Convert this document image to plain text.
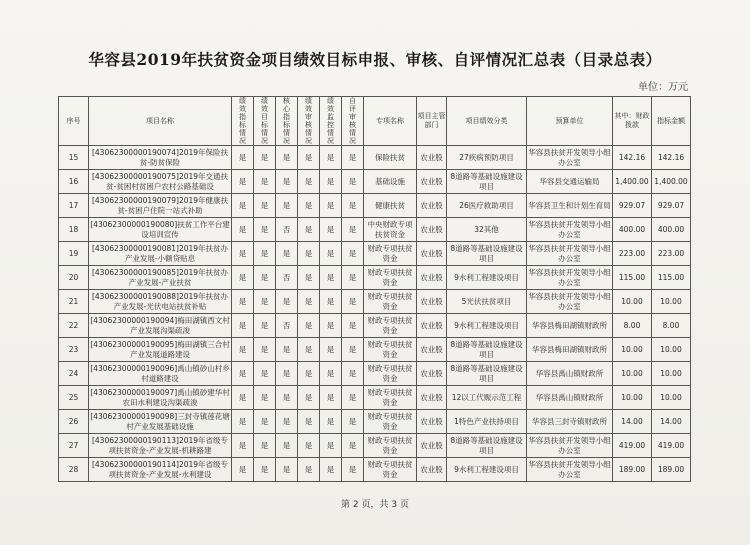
华容县2019年扶贫资金项目绩效目标申报、审核、自评情况汇总表（目录总表）
单位：万元
序号	项目名称	绩效指标情况	绩效目标情况	核心指标情况	绩效审核情况	绩效监控情况	自评审核情况	专项名称	项目主管部门	项目绩效分类	预算单位	其中：财政拨款	指标金额
15	[43062300000190074]2019年保险扶贫-防贫保险	是	是	是	是	是	是	保险扶贫	农业股	27疾病预防项目	华容县扶贫开发领导小组办公室	142.16	142.16
16	[43062300000190075]2019年交通扶贫-贫困村贫困户农村公路基础设	是	是	是	是	是	是	基础设施	农业股	8道路等基础设施建设项目	华容县交通运输局	1,400.00	1,400.00
17	[43062300000190079]2019年健康扶贫-贫困户住院一站式补助	是	是	是	是	是	是	健康扶贫	农业股	26医疗救助项目	华容县卫生和计划生育局	929.07	929.07
18	[43062300000190080]扶贫工作平台建设培训宣传	是	是	否	是	是	是	中央财政专项扶贫资金	农业股	32其他	华容县扶贫开发领导小组办公室	400.00	400.00
19	[43062300000190081]2019年扶贫办产业发展-小额贷贴息	是	是	是	是	是	是	财政专项扶贫资金	农业股	8道路等基础设施建设项目	华容县扶贫开发领导小组办公室	223.00	223.00
20	[43062300000190085]2019年扶贫办产业发展-产业扶贫	是	是	否	是	是	是	财政专项扶贫资金	农业股	9水利工程建设项目	华容县扶贫开发领导小组办公室	115.00	115.00
21	[43062300000190088]2019年扶贫办产业发展-光伏电站扶贫补贴	是	是	是	是	是	是	财政专项扶贫资金	农业股	5光伏扶贫项目	华容县扶贫开发领导小组办公室	10.00	10.00
22	[43062300000190094]梅田湖镇西文村产业发展沟渠疏浚	是	是	否	是	是	是	财政专项扶贫资金	农业股	9水利工程建设项目	华容县梅田湖镇财政所	8.00	8.00
23	[43062300000190095]梅田湖镇三合村产业发展道路建设	是	是	是	是	是	是	财政专项扶贫资金	农业股	8道路等基础设施建设项目	华容县梅田湖镇财政所	10.00	10.00
24	[43062300000190096]禹山镇砂山村乡村道路建设	是	是	是	是	是	是	财政专项扶贫资金	农业股	8道路等基础设施建设项目	华容县禹山镇财政所	10.00	10.00
25	[43062300000190097]禹山镇砂建华村农田水利建设沟渠疏浚	是	是	是	是	是	是	财政专项扶贫资金	农业股	12以工代赈示范工程	华容县禹山镇财政所	10.00	10.00
26	[43062300000190098]三封寺镇莲花塘村产业发展基础设施	是	是	是	是	是	是	财政专项扶贫资金	农业股	1特色产业扶持项目	华容县三封寺镇财政所	14.00	14.00
27	[43062300000190113]2019年省级专项扶贫资金-产业发展-机耕路建	是	是	是	是	是	是	财政专项扶贫资金	农业股	8道路等基础设施建设项目	华容县扶贫开发领导小组办公室	419.00	419.00
28	[43062300000190114]2019年省级专项扶贫资金-产业发展-水利建设	是	是	是	是	是	是	财政专项扶贫资金	农业股	9水利工程建设项目	华容县扶贫开发领导小组办公室	189.00	189.00
第 2 页，共 3 页
